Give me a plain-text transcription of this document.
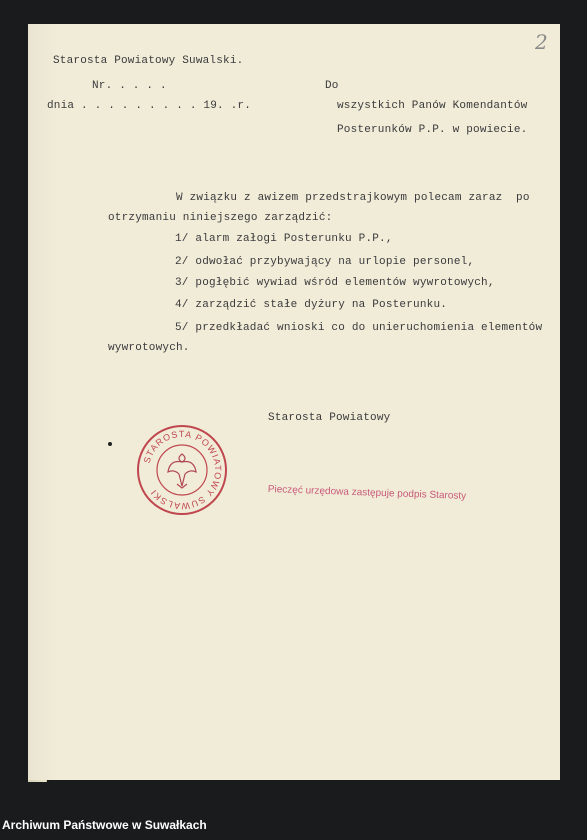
2
Starosta Powiatowy Suwalski.
Nr. . . . .
dnia . . . . . . . . . 19. .r.
Do
wszystkich Panów Komendantów
Posterunków P.P. w powiecie.
W związku z awizem przedstrajkowym polecam zaraz  po
otrzymaniu niniejszego zarządzić:
1/ alarm załogi Posterunku P.P.,
2/ odwołać przybywający na urlopie personel,
3/ pogłębić wywiad wśród elementów wywrotowych,
4/ zarządzić stałe dyżury na Posterunku.
5/ przedkładać wnioski co do unieruchomienia elementów
wywrotowych.
Starosta Powiatowy
STAROSTA POWIATOWY SUWALSKI	Pieczęć urzędowa zastępuje podpis Starosty
Archiwum Państwowe w Suwałkach
